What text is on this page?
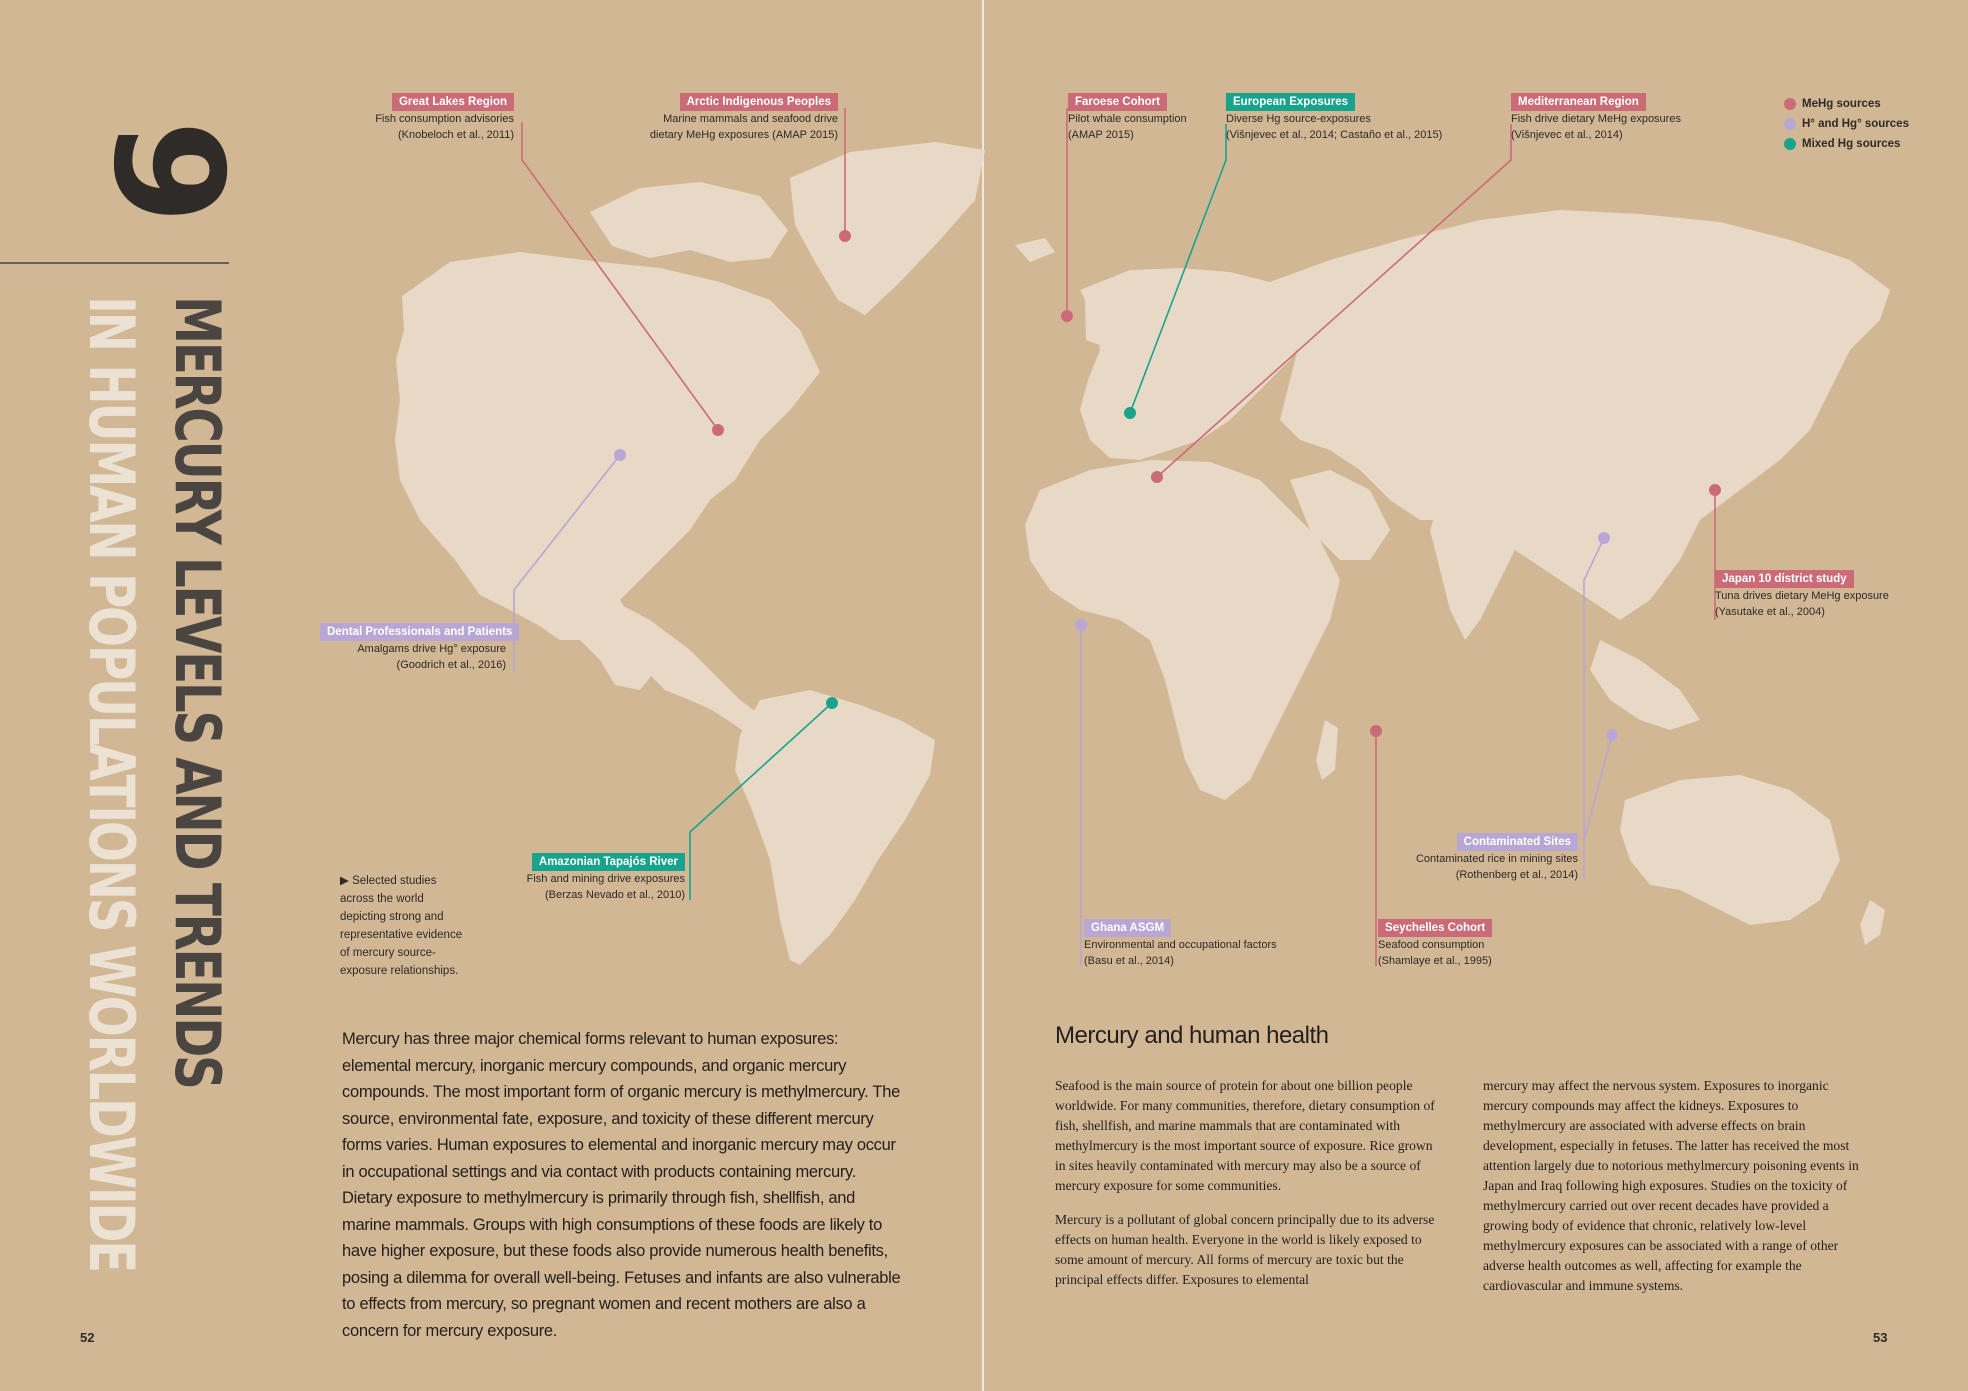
9
MERCURY LEVELS AND TRENDS
IN HUMAN POPULATIONS WORLDWIDE
Great Lakes Region
Fish consumption advisories
(Knobeloch et al., 2011)
Arctic Indigenous Peoples
Marine mammals and seafood drive
dietary MeHg exposures (AMAP 2015)
Dental Professionals and Patients
Amalgams drive Hg° exposure
(Goodrich et al., 2016)
Amazonian Tapajós River
Fish and mining drive exposures
(Berzas Nevado et al., 2010)
▶ Selected studies across the world depicting strong and representative evidence of mercury source-exposure relationships.
Mercury has three major chemical forms relevant to human exposures: elemental mercury, inorganic mercury compounds, and organic mercury compounds. The most important form of organic mercury is methylmercury. The source, environmental fate, exposure, and toxicity of these different mercury forms varies. Human exposures to elemental and inorganic mercury may occur in occupational settings and via contact with products containing mercury. Dietary exposure to methylmercury is primarily through fish, shellfish, and marine mammals. Groups with high consumptions of these foods are likely to have higher exposure, but these foods also provide numerous health benefits, posing a dilemma for overall well-being. Fetuses and infants are also vulnerable to effects from mercury, so pregnant women and recent mothers are also a concern for mercury exposure.
52
Faroese Cohort
Pilot whale consumption
(AMAP 2015)
European Exposures
Diverse Hg source-exposures
(Višnjevec et al., 2014; Castaño et al., 2015)
Mediterranean Region
Fish drive dietary MeHg exposures
(Višnjevec et al., 2014)
Japan 10 district study
Tuna drives dietary MeHg exposure
(Yasutake et al., 2004)
Contaminated Sites
Contaminated rice in mining sites
(Rothenberg et al., 2014)
Ghana ASGM
Environmental and occupational factors
(Basu et al., 2014)
Seychelles Cohort
Seafood consumption
(Shamlaye et al., 1995)
MeHg sources
H° and Hg° sources
Mixed Hg sources
Mercury and human health

Seafood is the main source of protein for about one billion people worldwide. For many communities, therefore, dietary consumption of fish, shellfish, and marine mammals that are contaminated with methylmercury is the most important source of exposure. Rice grown in sites heavily contaminated with mercury may also be a source of mercury exposure for some communities.

Mercury is a pollutant of global concern principally due to its adverse effects on human health. Everyone in the world is likely exposed to some amount of mercury. All forms of mercury are toxic but the principal effects differ. Exposures to elemental

mercury may affect the nervous system. Exposures to inorganic mercury compounds may affect the kidneys. Exposures to methylmercury are associated with adverse effects on brain development, especially in fetuses. The latter has received the most attention largely due to notorious methylmercury poisoning events in Japan and Iraq following high exposures. Studies on the toxicity of methylmercury carried out over recent decades have provided a growing body of evidence that chronic, relatively low-level methylmercury exposures can be associated with a range of other adverse health outcomes as well, affecting for example the cardiovascular and immune systems.

53
